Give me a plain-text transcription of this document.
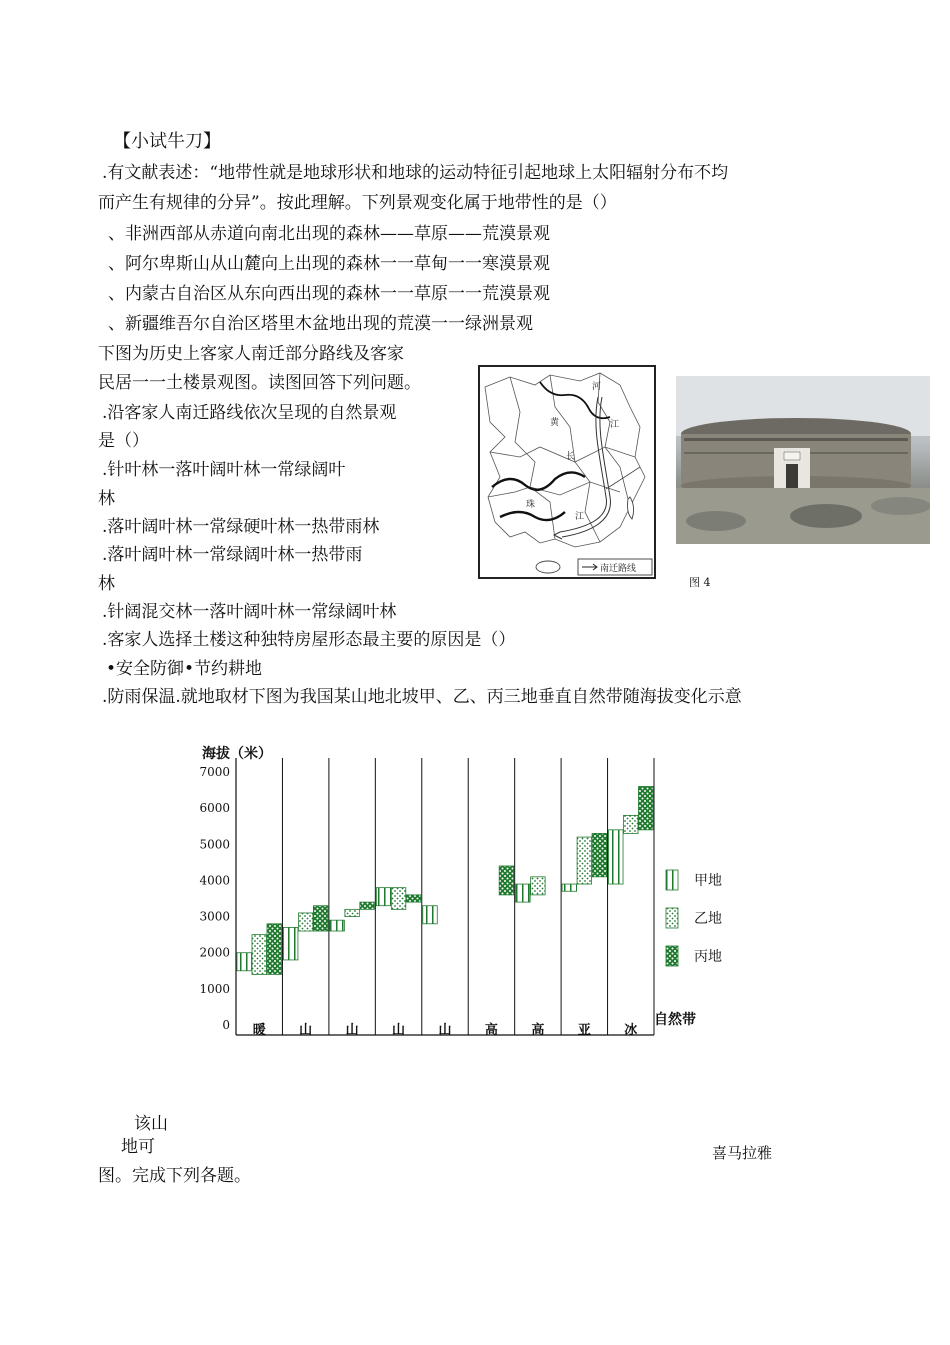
【小试牛刀】
.有文献表述：“地带性就是地球形状和地球的运动特征引起地球上太阳辐射分布不均
而产生有规律的分异”。按此理解。下列景观变化属于地带性的是（）
、非洲西部从赤道向南北出现的森林——草原——荒漠景观
、阿尔卑斯山从山麓向上出现的森林一一草甸一一寒漠景观
、内蒙古自治区从东向西出现的森林一一草原一一荒漠景观
、新疆维吾尔自治区塔里木盆地出现的荒漠一一绿洲景观
下图为历史上客家人南迁部分路线及客家
民居一一土楼景观图。读图回答下列问题。
.沿客家人南迁路线依次呈现的自然景观
是（）
.针叶林一落叶阔叶林一常绿阔叶
林
.落叶阔叶林一常绿硬叶林一热带雨林
.落叶阔叶林一常绿阔叶林一热带雨
林
.针阔混交林一落叶阔叶林一常绿阔叶林
.客家人选择土楼这种独特房屋形态最主要的原因是（）
•安全防御•节约耕地
.防雨保温.就地取材下图为我国某山地北坡甲、乙、丙三地垂直自然带随海拔变化示意
河
黄	江
长
江
珠
南迁路线
图 4
海拔（米）
自然带
7000
6000
5000
4000
3000
2000
1000
0 暖	山	山	山	山	高	高	亚	冰
甲地
乙地
丙地
该山
地可	喜马拉雅
图。完成下列各题。
